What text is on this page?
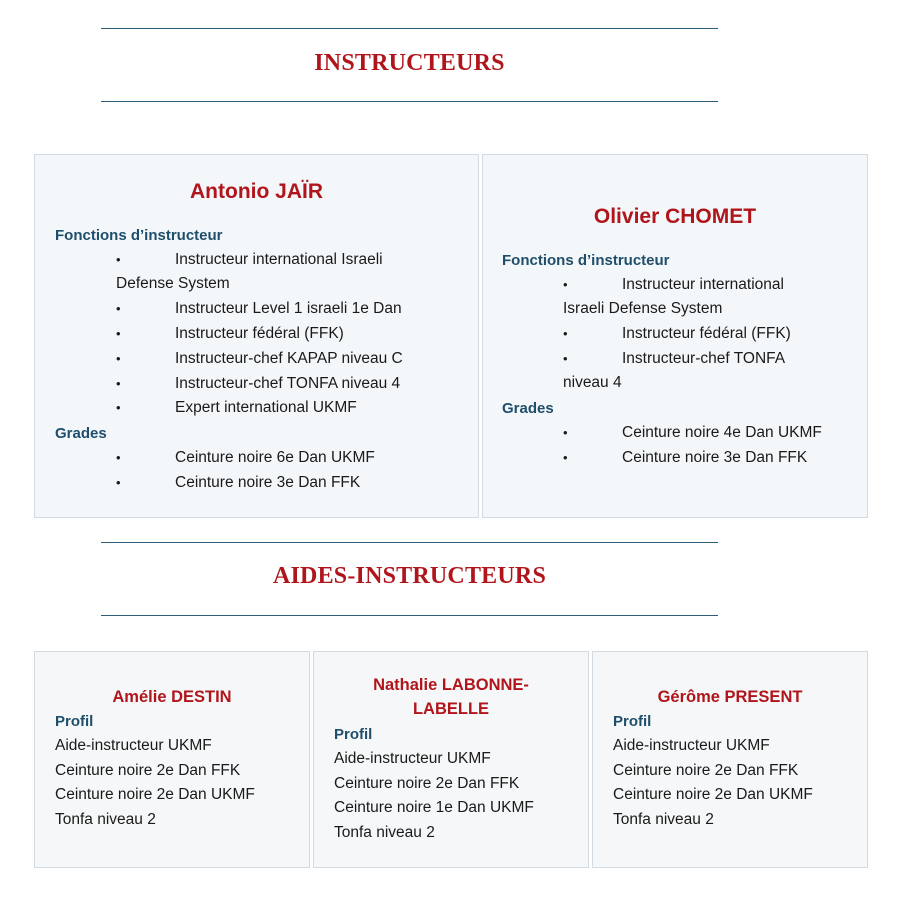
INSTRUCTEURS
Antonio JAÏR
Fonctions d’instructeur
•
Instructeur international Israeli
Defense System
•
Instructeur Level 1 israeli 1e Dan
•
Instructeur fédéral (FFK)
•
Instructeur-chef KAPAP niveau C
•
Instructeur-chef TONFA niveau 4
•
Expert international UKMF
Grades
•
Ceinture noire 6e Dan UKMF
•
Ceinture noire 3e Dan FFK
Olivier CHOMET
Fonctions d’instructeur
•
Instructeur international
Israeli Defense System
•
Instructeur fédéral (FFK)
•
Instructeur-chef TONFA
niveau 4
Grades
•
Ceinture noire 4e Dan UKMF
•
Ceinture noire 3e Dan FFK
AIDES-INSTRUCTEURS
Amélie DESTIN
Profil
Aide-instructeur UKMF
Ceinture noire 2e Dan FFK
Ceinture noire 2e Dan UKMF
Tonfa niveau 2
Nathalie LABONNE-
LABELLE
Profil
Aide-instructeur UKMF
Ceinture noire 2e Dan FFK
Ceinture noire 1e Dan UKMF
Tonfa niveau 2
Gérôme PRESENT
Profil
Aide-instructeur UKMF
Ceinture noire 2e Dan FFK
Ceinture noire 2e Dan UKMF
Tonfa niveau 2
